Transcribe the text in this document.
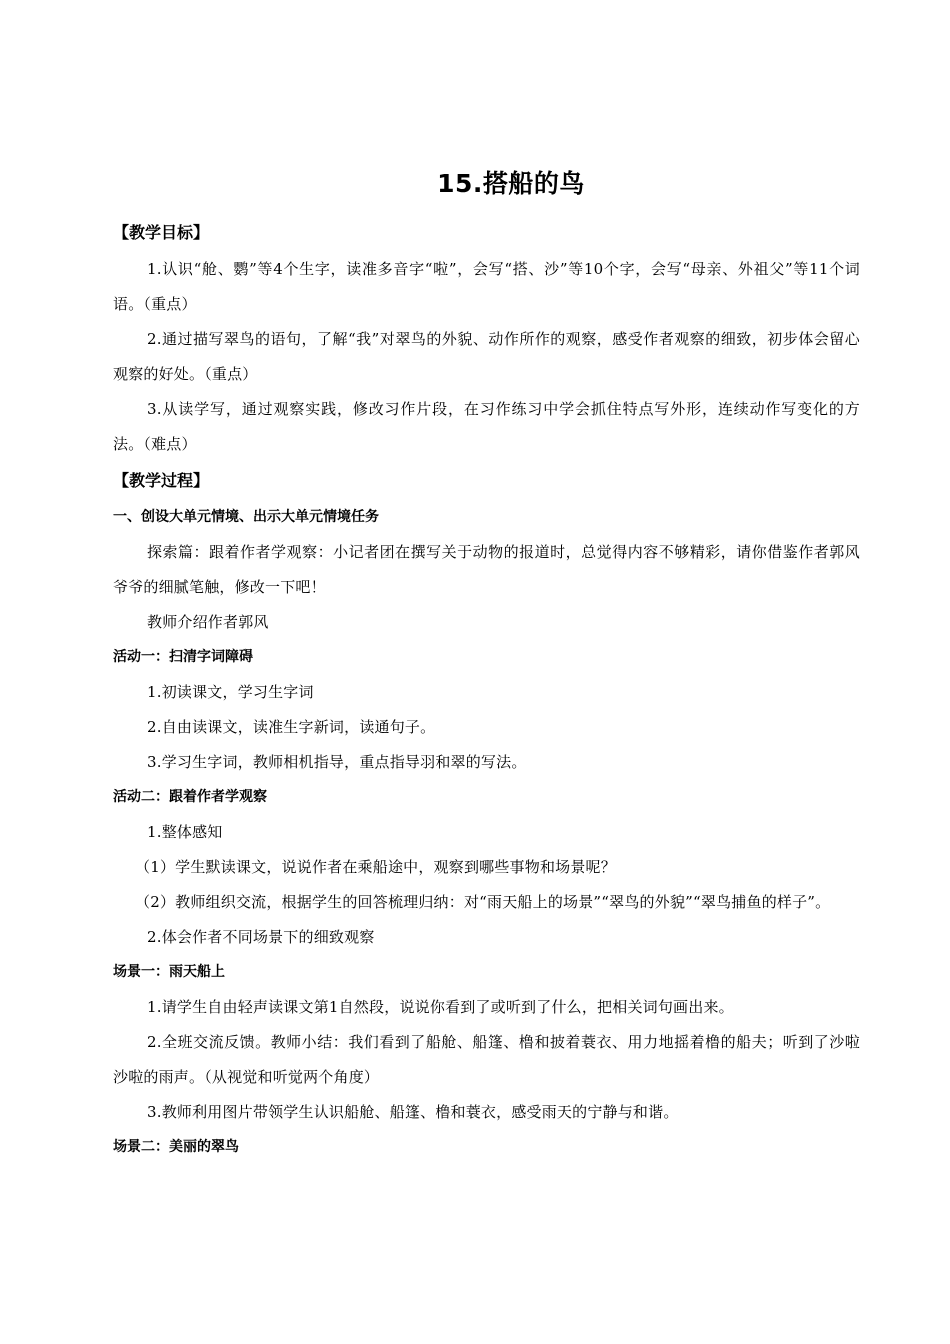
15.搭船的鸟
【教学目标】
1.认识“舱、鹦”等4个生字，读准多音字“啦”，会写“搭、沙”等10个字，会写“母亲、外祖父”等11个词语。（重点）
2.通过描写翠鸟的语句，了解“我”对翠鸟的外貌、动作所作的观察，感受作者观察的细致，初步体会留心观察的好处。（重点）
3.从读学写，通过观察实践，修改习作片段，在习作练习中学会抓住特点写外形，连续动作写变化的方法。（难点）
【教学过程】
一、创设大单元情境、出示大单元情境任务
探索篇：跟着作者学观察：小记者团在撰写关于动物的报道时，总觉得内容不够精彩，请你借鉴作者郭风爷爷的细腻笔触，修改一下吧！
教师介绍作者郭风
活动一：扫清字词障碍
1.初读课文，学习生字词
2.自由读课文，读准生字新词，读通句子。
3.学习生字词，教师相机指导，重点指导羽和翠的写法。
活动二：跟着作者学观察
1.整体感知
（1）学生默读课文，说说作者在乘船途中，观察到哪些事物和场景呢？
（2）教师组织交流，根据学生的回答梳理归纳：对“雨天船上的场景”“翠鸟的外貌”“翠鸟捕鱼的样子”。
2.体会作者不同场景下的细致观察
场景一：雨天船上
1.请学生自由轻声读课文第1自然段，说说你看到了或听到了什么，把相关词句画出来。
2.全班交流反馈。教师小结：我们看到了船舱、船篷、橹和披着蓑衣、用力地摇着橹的船夫；听到了沙啦沙啦的雨声。（从视觉和听觉两个角度）
3.教师利用图片带领学生认识船舱、船篷、橹和蓑衣，感受雨天的宁静与和谐。
场景二：美丽的翠鸟
